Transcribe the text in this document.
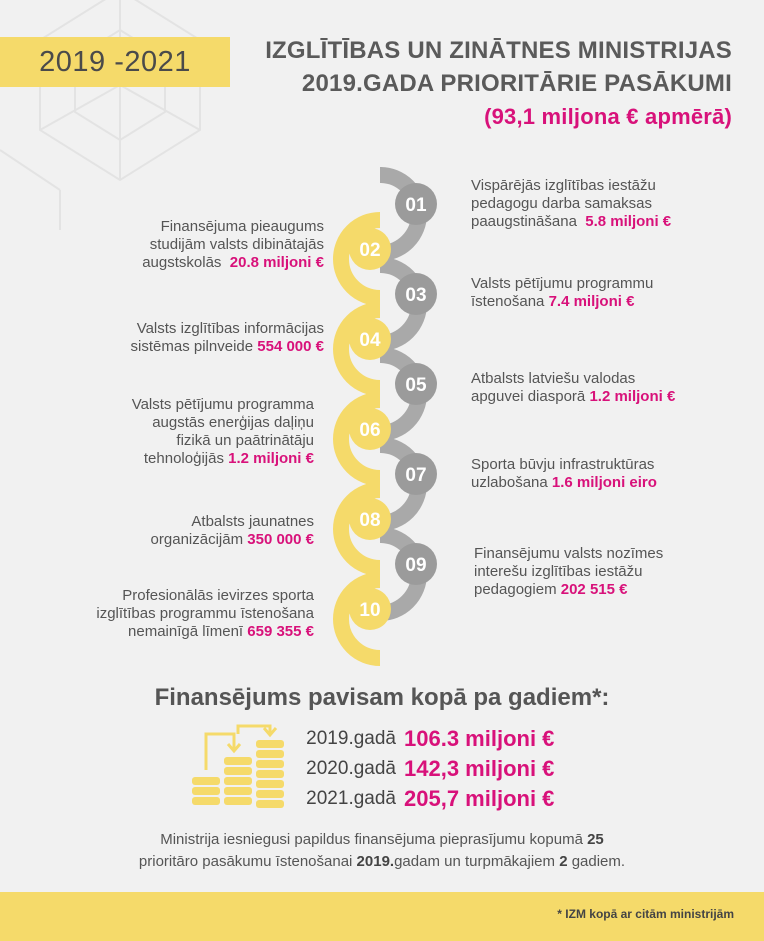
2019 -2021	IZGLĪTĪBAS UN ZINĀTNES MINISTRIJAS
2019.GADA PRIORITĀRIE PASĀKUMI
(93,1 miljona € apmērā)
01
02
03
04
05
06
07
08
09
10
Vispārējās izglītības iestāžu
pedagogu darba samaksas
paaugstināšana 5.8 miljoni €
Valsts pētījumu programmu
īstenošana 7.4 miljoni €
Atbalsts latviešu valodas
apguvei diasporā 1.2 miljoni €
Sporta būvju infrastruktūras
uzlabošana 1.6 miljoni eiro
Finansējumu valsts nozīmes
interešu izglītības iestāžu
pedagogiem 202 515 €
Finansējuma pieaugums
studijām valsts dibinātajās
augstskolās 20.8 miljoni €
Valsts izglītības informācijas
sistēmas pilnveide 554 000 €
Valsts pētījumu programma
augstās enerģijas daļiņu
fizikā un paātrinātāju
tehnoloģijās 1.2 miljoni €
Atbalsts jaunatnes
organizācijām 350 000 €
Profesionālās ievirzes sporta
izglītības programmu īstenošana
nemainīgā līmenī 659 355 €
Finansējums pavisam kopā pa gadiem*:
2019.gadā 106.3 miljoni €
2020.gadā 142,3 miljoni €
2021.gadā 205,7 miljoni €
Ministrija iesniegusi papildus finansējuma pieprasījumu kopumā 25
prioritāro pasākumu īstenošanai 2019.gadam un turpmākajiem 2 gadiem.
* IZM kopā ar citām ministrijām
